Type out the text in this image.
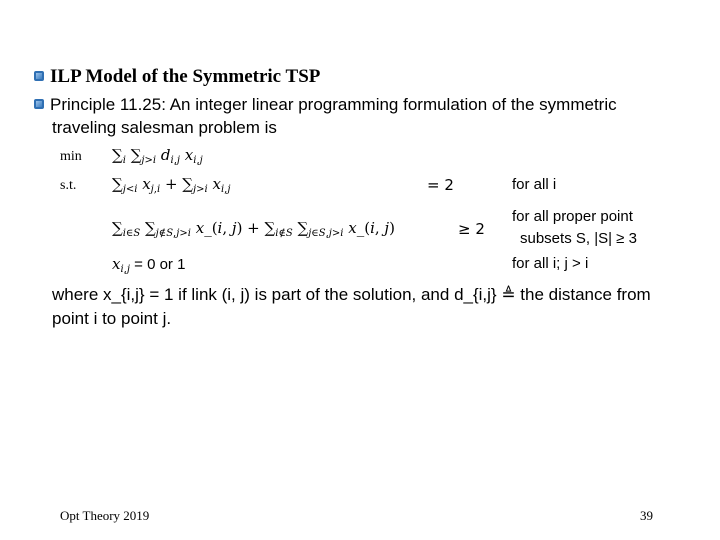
ILP Model of the Symmetric TSP
Principle 11.25: An integer linear programming formulation of the symmetric
traveling salesman problem is
$\min \sum_i$ $\sum_{j>i}$ $d_{i,j}$ $x_{i,j}$
s.t. $\sum_{j<i}$ $x_{j,i} + \sum_{j>i}$ $x_{i,j}$	= 2	for all i
$\sum_{i\in S}$ $\sum_{j\notin S,j>i}$ x_(i, $j) + \sum_{i\notin S}$ $\sum_{j\in S,j>i}$ x_(i, j)	≥ 2
for all proper point
subsets S, |S| ≥ 3
$x_{i,j} = 0$ or 1	for all i; j > i
where x_{i,j} = 1 if link (i, j) is part of the solution, and d_{i,j} ≜ the distance from
point i to point j.
Opt Theory 2019	39
